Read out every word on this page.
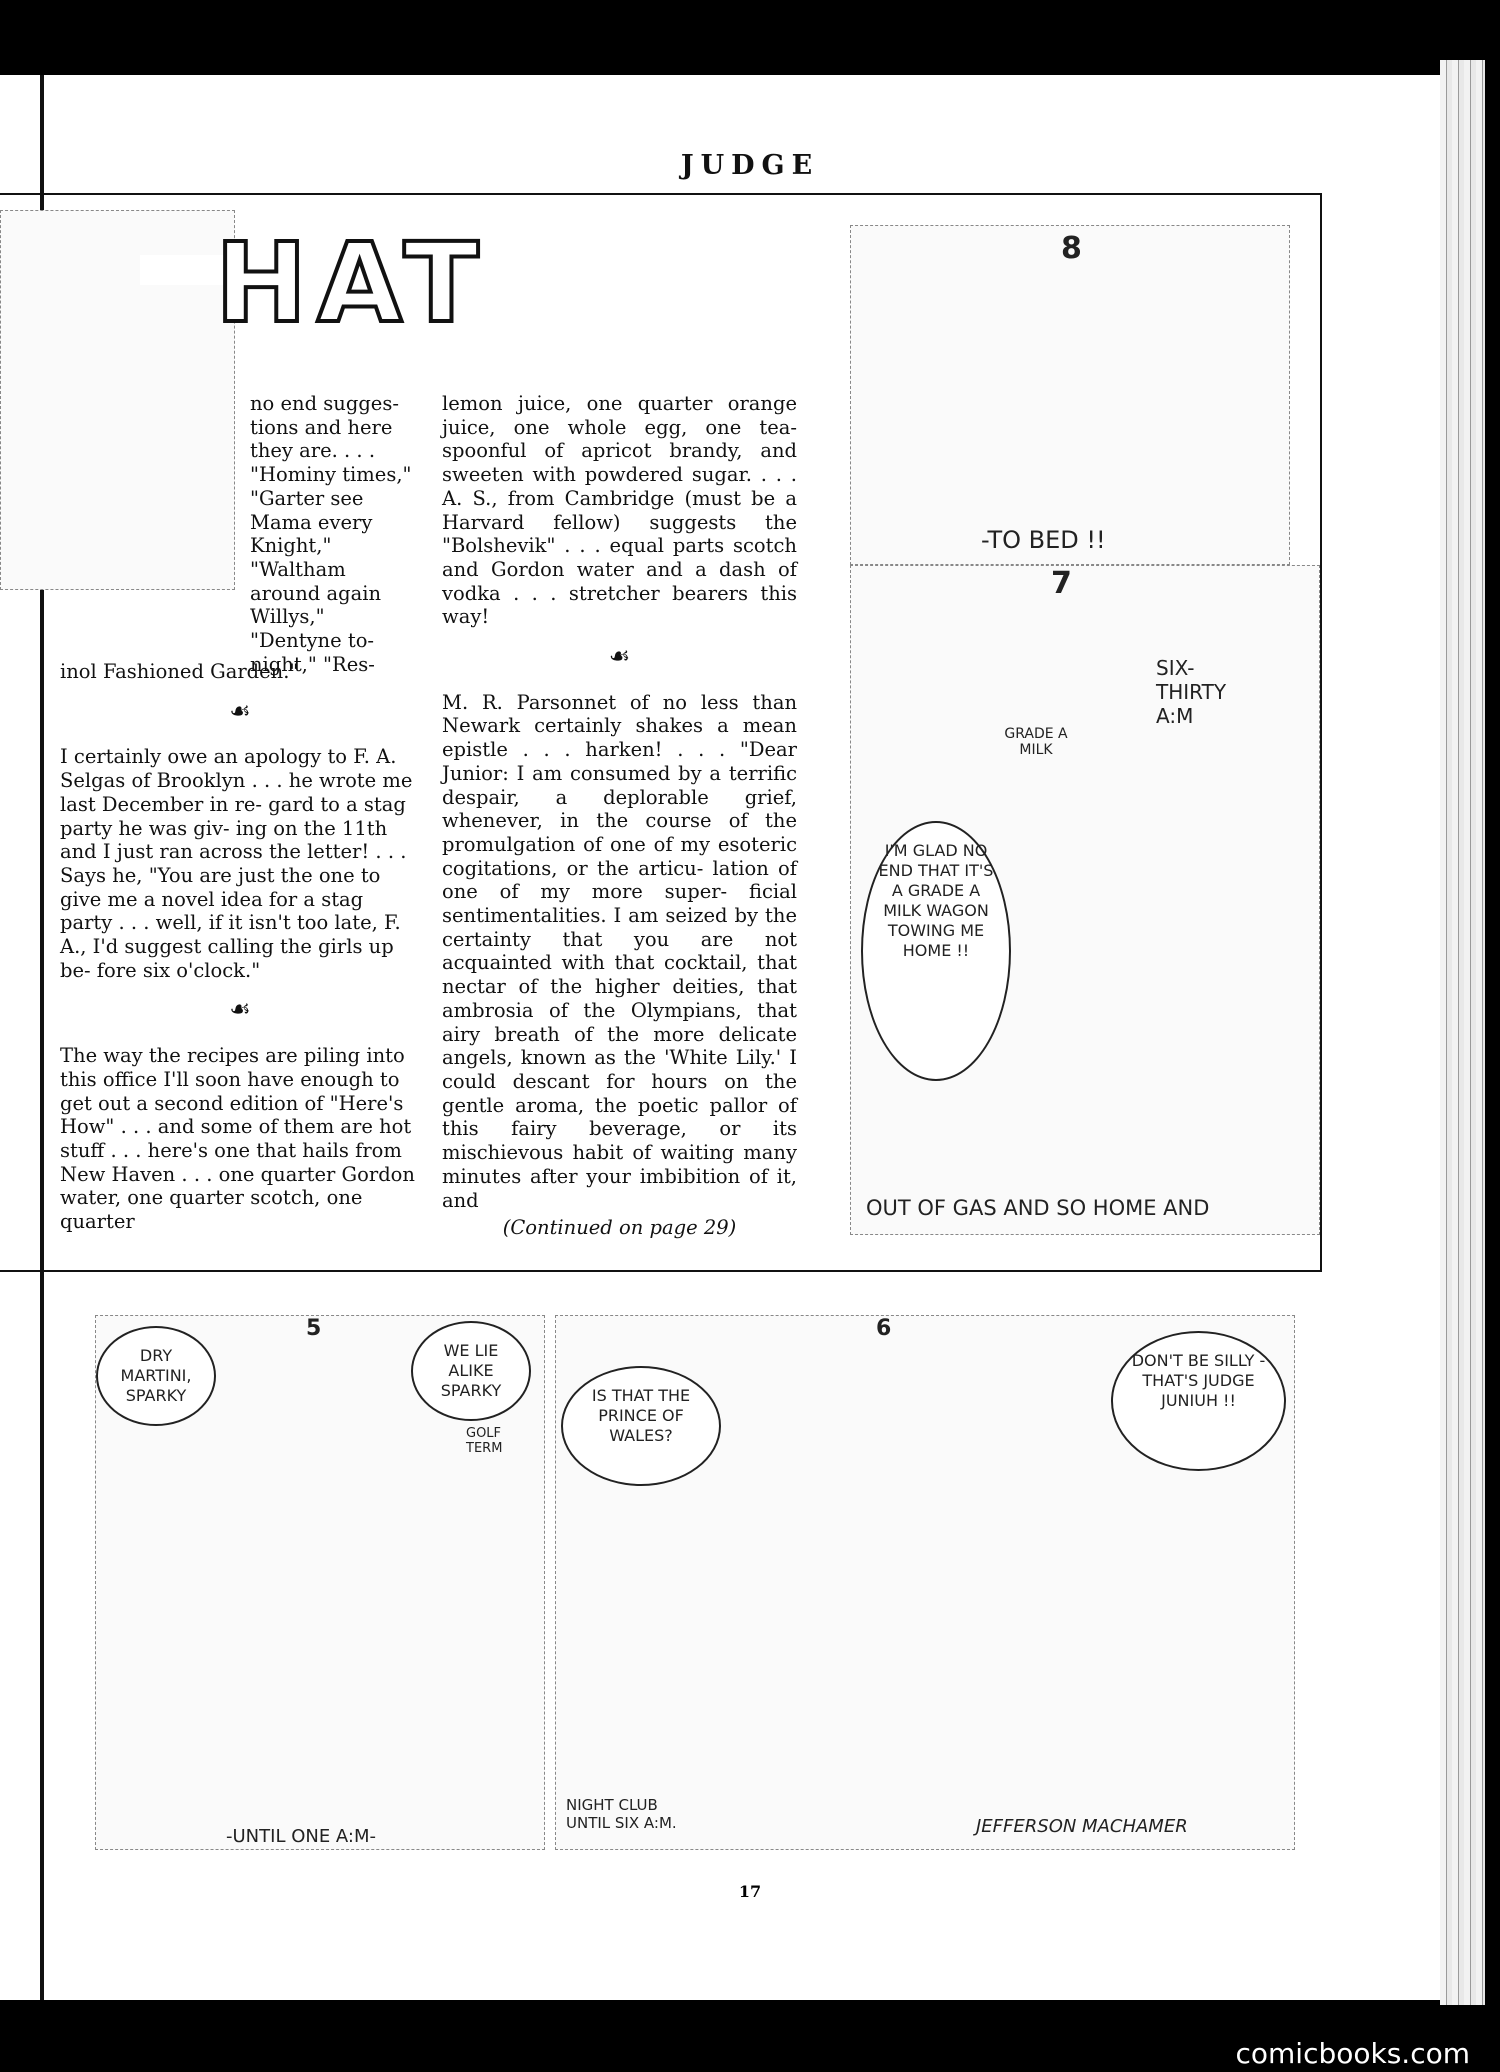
JUDGE
HAT

no end sugges- tions and here they are. . . . "Hominy times," "Garter see Mama every Knight," "Waltham around again Willys," "Dentyne to- night," "Res-

inol Fashioned Garden."

☙

I certainly owe an apology to F. A. Selgas of Brooklyn . . . he wrote me last December in re- gard to a stag party he was giv- ing on the 11th and I just ran across the letter! . . . Says he, "You are just the one to give me a novel idea for a stag party . . . well, if it isn't too late, F. A., I'd suggest calling the girls up be- fore six o'clock."

☙

The way the recipes are piling into this office I'll soon have enough to get out a second edition of "Here's How" . . . and some of them are hot stuff . . . here's one that hails from New Haven . . . one quarter Gordon water, one quarter scotch, one quarter

lemon juice, one quarter orange juice, one whole egg, one tea- spoonful of apricot brandy, and sweeten with powdered sugar. . . . A. S., from Cambridge (must be a Harvard fellow) suggests the "Bolshevik" . . . equal parts scotch and Gordon water and a dash of vodka . . . stretcher bearers this way!

☙

M. R. Parsonnet of no less than Newark certainly shakes a mean epistle . . . harken! . . . "Dear Junior: I am consumed by a terrific despair, a deplorable grief, whenever, in the course of the promulgation of one of my esoteric cogitations, or the articu- lation of one of my more super- ficial sentimentalities. I am seized by the certainty that you are not acquainted with that cocktail, that nectar of the higher deities, that ambrosia of the Olympians, that airy breath of the more delicate angels, known as the 'White Lily.' I could descant for hours on the gentle aroma, the poetic pallor of this fairy beverage, or its mischievous habit of waiting many minutes after your imbibition of it, and

(Continued on page 29)

8
-TO BED !!
7
SIX- THIRTY A:M
GRADE A MILK
I'M GLAD NO END THAT IT'S A GRADE A MILK WAGON TOWING ME HOME !!
OUT OF GAS AND SO HOME AND
5
DRY MARTINI, SPARKY
WE LIE ALIKE SPARKY
GOLF TERM
-UNTIL ONE A:M-
6
IS THAT THE PRINCE OF WALES?
DON'T BE SILLY - THAT'S JUDGE JUNIUH !!
NIGHT CLUB UNTIL SIX A:M.	JEFFERSON MACHAMER
17
comicbooks.com
